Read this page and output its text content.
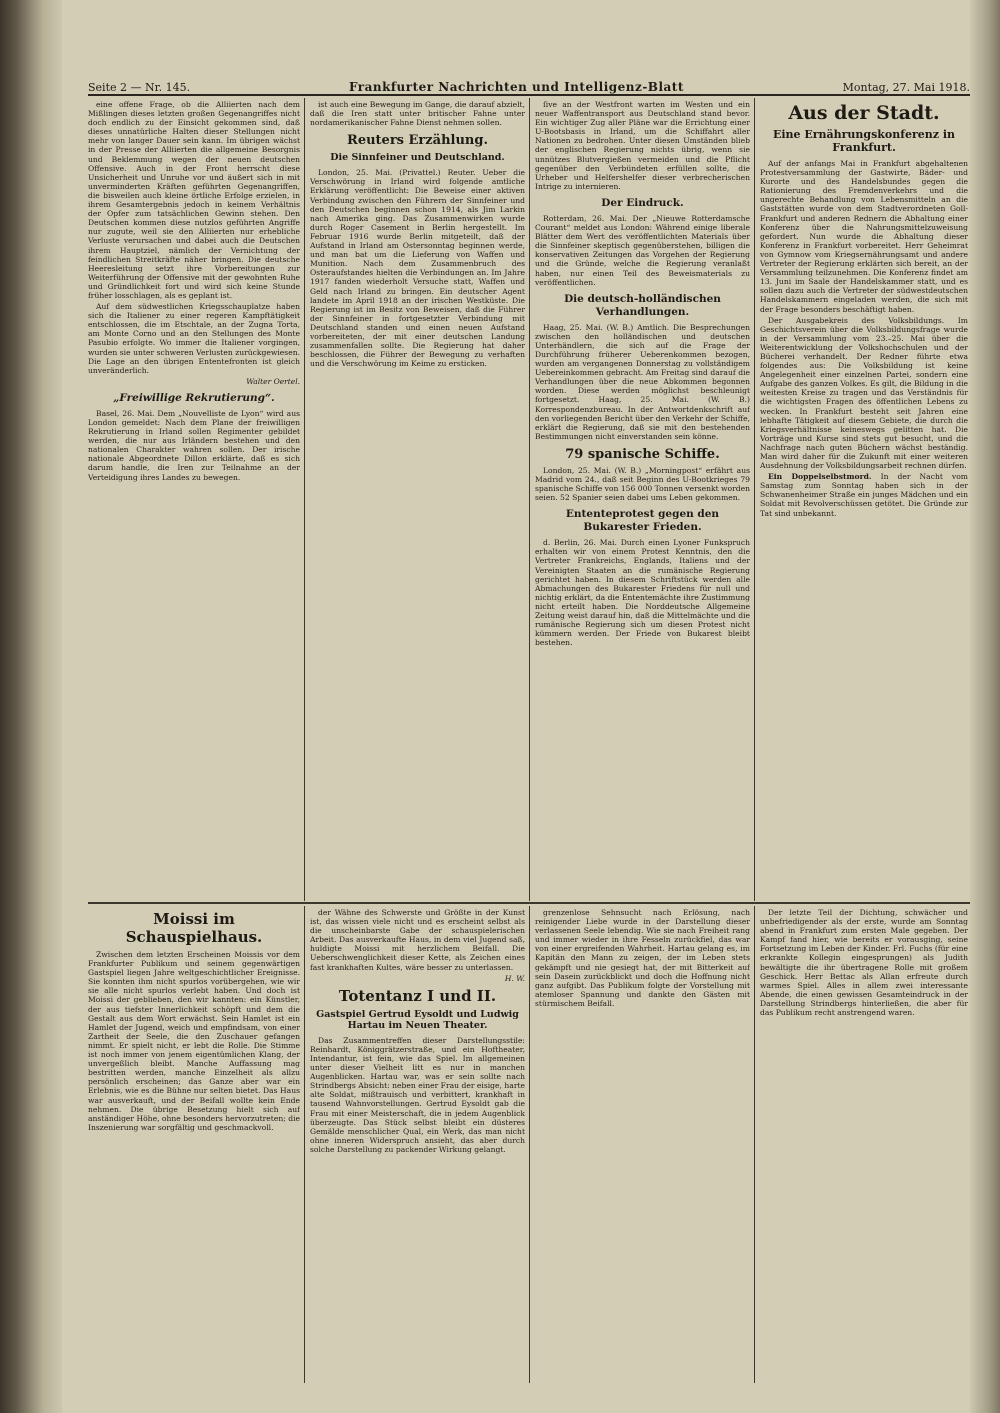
Seite 2 — Nr. 145.	Frankfurter Nachrichten und Intelligenz-Blatt	Montag, 27. Mai 1918.

eine offene Frage, ob die Alliierten nach dem Mißlingen dieses letzten großen Gegenangriffes nicht doch endlich zu der Einsicht gekommen sind, daß dieses unnatürliche Halten dieser Stellungen nicht mehr von langer Dauer sein kann. Im übrigen wächst in der Presse der Alliierten die allgemeine Besorgnis und Beklemmung wegen der neuen deutschen Offensive. Auch in der Front herrscht diese Unsicherheit und Unruhe vor und äußert sich in mit unverminderten Kräften geführten Gegenangriffen, die bisweilen auch kleine örtliche Erfolge erzielen, in ihrem Gesamtergebnis jedoch in keinem Verhältnis der Opfer zum tatsächlichen Gewinn stehen. Den Deutschen kommen diese nutzlos geführten Angriffe nur zugute, weil sie den Alliierten nur erhebliche Verluste verursachen und dabei auch die Deutschen ihrem Hauptziel, nämlich der Vernichtung der feindlichen Streitkräfte näher bringen. Die deutsche Heeresleitung setzt ihre Vorbereitungen zur Weiterführung der Offensive mit der gewohnten Ruhe und Gründlichkeit fort und wird sich keine Stunde früher losschlagen, als es geplant ist.

Auf dem südwestlichen Kriegsschauplatze haben sich die Italiener zu einer regeren Kampftätigkeit entschlossen, die im Etschtale, an der Zugna Torta, am Monte Corno und an den Stellungen des Monte Pasubio erfolgte. Wo immer die Italiener vorgingen, wurden sie unter schweren Verlusten zurückgewiesen. Die Lage an den übrigen Ententefronten ist gleich unveränderlich.

Walter Oertel.
„Freiwillige Rekrutierung“.

Basel, 26. Mai. Dem „Nouvelliste de Lyon“ wird aus London gemeldet: Nach dem Plane der freiwilligen Rekrutierung in Irland sollen Regimenter gebildet werden, die nur aus Irländern bestehen und den nationalen Charakter wahren sollen. Der irische nationale Abgeordnete Dillon erklärte, daß es sich darum handle, die Iren zur Teilnahme an der Verteidigung ihres Landes zu bewegen.

ist auch eine Bewegung im Gange, die darauf abzielt, daß die Iren statt unter britischer Fahne unter nordamerikanischer Fahne Dienst nehmen sollen.

Reuters Erzählung.
Die Sinnfeiner und Deutschland.

London, 25. Mai. (Privattel.) Reuter. Ueber die Verschwörung in Irland wird folgende amtliche Erklärung veröffentlicht: Die Beweise einer aktiven Verbindung zwischen den Führern der Sinnfeiner und den Deutschen beginnen schon 1914, als Jim Larkin nach Amerika ging. Das Zusammenwirken wurde durch Roger Casement in Berlin hergestellt. Im Februar 1916 wurde Berlin mitgeteilt, daß der Aufstand in Irland am Ostersonntag beginnen werde, und man bat um die Lieferung von Waffen und Munition. Nach dem Zusammenbruch des Osteraufstandes hielten die Verbindungen an. Im Jahre 1917 fanden wiederholt Versuche statt, Waffen und Geld nach Irland zu bringen. Ein deutscher Agent landete im April 1918 an der irischen Westküste. Die Regierung ist im Besitz von Beweisen, daß die Führer der Sinnfeiner in fortgesetzter Verbindung mit Deutschland standen und einen neuen Aufstand vorbereiteten, der mit einer deutschen Landung zusammenfallen sollte. Die Regierung hat daher beschlossen, die Führer der Bewegung zu verhaften und die Verschwörung im Keime zu ersticken.

ſive an der Westfront warten im Westen und ein neuer Waffentransport aus Deutschland stand bevor. Ein wichtiger Zug aller Pläne war die Errichtung einer U-Bootsbasis in Irland, um die Schiffahrt aller Nationen zu bedrohen. Unter diesen Umständen blieb der englischen Regierung nichts übrig, wenn sie unnützes Blutvergießen vermeiden und die Pflicht gegenüber den Verbündeten erfüllen sollte, die Urheber und Helfershelfer dieser verbrecherischen Intrige zu internieren.

Der Eindruck.

Rotterdam, 26. Mai. Der „Nieuwe Rotterdamsche Courant“ meldet aus London: Während einige liberale Blätter dem Wert des veröffentlichten Materials über die Sinnfeiner skeptisch gegenüberstehen, billigen die konservativen Zeitungen das Vorgehen der Regierung und die Gründe, welche die Regierung veranlaßt haben, nur einen Teil des Beweismaterials zu veröffentlichen.

Die deutsch-holländischen Verhandlungen.

Haag, 25. Mai. (W. B.) Amtlich. Die Besprechungen zwischen den holländischen und deutschen Unterhändlern, die sich auf die Frage der Durchführung früherer Ueberenkommen bezogen, wurden am vergangenen Donnerstag zu vollständigem Uebereinkommen gebracht. Am Freitag sind darauf die Verhandlungen über die neue Abkommen begonnen worden. Diese werden möglichst beschleunigt fortgesetzt. Haag, 25. Mai. (W. B.) Korrespondenzbureau. In der Antwortdenkschrift auf den vorliegenden Bericht über den Verkehr der Schiffe, erklärt die Regierung, daß sie mit den bestehenden Bestimmungen nicht einverstanden sein könne.

79 spanische Schiffe.

London, 25. Mai. (W. B.) „Morningpost“ erfährt aus Madrid vom 24., daß seit Beginn des U-Bootkrieges 79 spanische Schiffe von 156 000 Tonnen versenkt worden seien. 52 Spanier seien dabei ums Leben gekommen.

Ententeprotest gegen den Bukarester Frieden.

d. Berlin, 26. Mai. Durch einen Lyoner Funkspruch erhalten wir von einem Protest Kenntnis, den die Vertreter Frankreichs, Englands, Italiens und der Vereinigten Staaten an die rumänische Regierung gerichtet haben. In diesem Schriftstück werden alle Abmachungen des Bukarester Friedens für null und nichtig erklärt, da die Ententemächte ihre Zustimmung nicht erteilt haben. Die Norddeutsche Allgemeine Zeitung weist darauf hin, daß die Mittelmächte und die rumänische Regierung sich um diesen Protest nicht kümmern werden. Der Friede von Bukarest bleibt bestehen.

Aus der Stadt.
Eine Ernährungskonferenz in Frankfurt.

Auf der anfangs Mai in Frankfurt abgehaltenen Protestversammlung der Gastwirte, Bäder- und Kurorte und des Handelsbundes gegen die Rationierung des Fremdenverkehrs und die ungerechte Behandlung von Lebensmitteln an die Gaststätten wurde von dem Stadtverordneten Goll-Frankfurt und anderen Rednern die Abhaltung einer Konferenz über die Nahrungsmittelzuweisung gefordert. Nun wurde die Abhaltung dieser Konferenz in Frankfurt vorbereitet. Herr Geheimrat von Gymnow vom Kriegsernährungsamt und andere Vertreter der Regierung erklärten sich bereit, an der Versammlung teilzunehmen. Die Konferenz findet am 13. Juni im Saale der Handelskammer statt, und es sollen dazu auch die Vertreter der südwestdeutschen Handelskammern eingeladen werden, die sich mit der Frage besonders beschäftigt haben.

Der Ausgabekreis des Volksbildungs. Im Geschichtsverein über die Volksbildungsfrage wurde in der Versammlung vom 23.–25. Mai über die Weiterentwicklung der Volkshochschulen und der Bücherei verhandelt. Der Redner führte etwa folgendes aus: Die Volksbildung ist keine Angelegenheit einer einzelnen Partei, sondern eine Aufgabe des ganzen Volkes. Es gilt, die Bildung in die weitesten Kreise zu tragen und das Verständnis für die wichtigsten Fragen des öffentlichen Lebens zu wecken. In Frankfurt besteht seit Jahren eine lebhafte Tätigkeit auf diesem Gebiete, die durch die Kriegsverhältnisse keineswegs gelitten hat. Die Vorträge und Kurse sind stets gut besucht, und die Nachfrage nach guten Büchern wächst beständig. Man wird daher für die Zukunft mit einer weiteren Ausdehnung der Volksbildungsarbeit rechnen dürfen.

Ein Doppelselbstmord. In der Nacht vom Samstag zum Sonntag haben sich in der Schwanenheimer Straße ein junges Mädchen und ein Soldat mit Revolverschüssen getötet. Die Gründe zur Tat sind unbekannt.

Moissi im Schauspielhaus.

Zwischen dem letzten Erscheinen Moissis vor dem Frankfurter Publikum und seinem gegenwärtigen Gastspiel liegen Jahre weltgeschichtlicher Ereignisse. Sie konnten ihm nicht spurlos vorübergehen, wie wir sie alle nicht spurlos verlebt haben. Und doch ist Moissi der geblieben, den wir kannten: ein Künstler, der aus tiefster Innerlichkeit schöpft und dem die Gestalt aus dem Wort erwächst. Sein Hamlet ist ein Hamlet der Jugend, weich und empfindsam, von einer Zartheit der Seele, die den Zuschauer gefangen nimmt. Er spielt nicht, er lebt die Rolle. Die Stimme ist noch immer von jenem eigentümlichen Klang, der unvergeßlich bleibt. Manche Auffassung mag bestritten werden, manche Einzelheit als allzu persönlich erscheinen; das Ganze aber war ein Erlebnis, wie es die Bühne nur selten bietet. Das Haus war ausverkauft, und der Beifall wollte kein Ende nehmen. Die übrige Besetzung hielt sich auf anständiger Höhe, ohne besonders hervorzutreten; die Inszenierung war sorgfältig und geschmackvoll.

der Wähne des Schwerste und Größte in der Kunst ist, das wissen viele nicht und es erscheint selbst als die unscheinbarste Gabe der schauspielerischen Arbeit. Das ausverkaufte Haus, in dem viel Jugend saß, huldigte Moissi mit herzlichem Beifall. Die Ueberschwenglichkeit dieser Kette, als Zeichen eines fast krankhaften Kultes, wäre besser zu unterlassen.

H. W.
Totentanz I und II.
Gastspiel Gertrud Eysoldt und Ludwig Hartau im Neuen Theater.

Das Zusammentreffen dieser Darstellungsstile: Reinhardt, Königgrätzerstraße, und ein Hoftheater, Intendantur, ist fein, wie das Spiel. Im allgemeinen unter dieser Vielheit litt es nur in manchen Augenblicken. Hartau war, was er sein sollte nach Strindbergs Absicht: neben einer Frau der eisige, harte alte Soldat, mißtrauisch und verbittert, krankhaft in tausend Wahnvorstellungen. Gertrud Eysoldt gab die Frau mit einer Meisterschaft, die in jedem Augenblick überzeugte. Das Stück selbst bleibt ein düsteres Gemälde menschlicher Qual, ein Werk, das man nicht ohne inneren Widerspruch ansieht, das aber durch solche Darstellung zu packender Wirkung gelangt.

grenzenlose Sehnsucht nach Erlösung, nach reinigender Liebe wurde in der Darstellung dieser verlassenen Seele lebendig. Wie sie nach Freiheit rang und immer wieder in ihre Fesseln zurückfiel, das war von einer ergreifenden Wahrheit. Hartau gelang es, im Kapitän den Mann zu zeigen, der im Leben stets gekämpft und nie gesiegt hat, der mit Bitterkeit auf sein Dasein zurückblickt und doch die Hoffnung nicht ganz aufgibt. Das Publikum folgte der Vorstellung mit atemloser Spannung und dankte den Gästen mit stürmischem Beifall.

Der letzte Teil der Dichtung, schwächer und unbefriedigender als der erste, wurde am Sonntag abend in Frankfurt zum ersten Male gegeben. Der Kampf fand hier, wie bereits er vorausging, seine Fortsetzung im Leben der Kinder. Frl. Fuchs (für eine erkrankte Kollegin eingesprungen) als Judith bewältigte die ihr übertragene Rolle mit großem Geschick. Herr Bettac als Allan erfreute durch warmes Spiel. Alles in allem zwei interessante Abende, die einen gewissen Gesamteindruck in der Darstellung Strindbergs hinterließen, die aber für das Publikum recht anstrengend waren.
